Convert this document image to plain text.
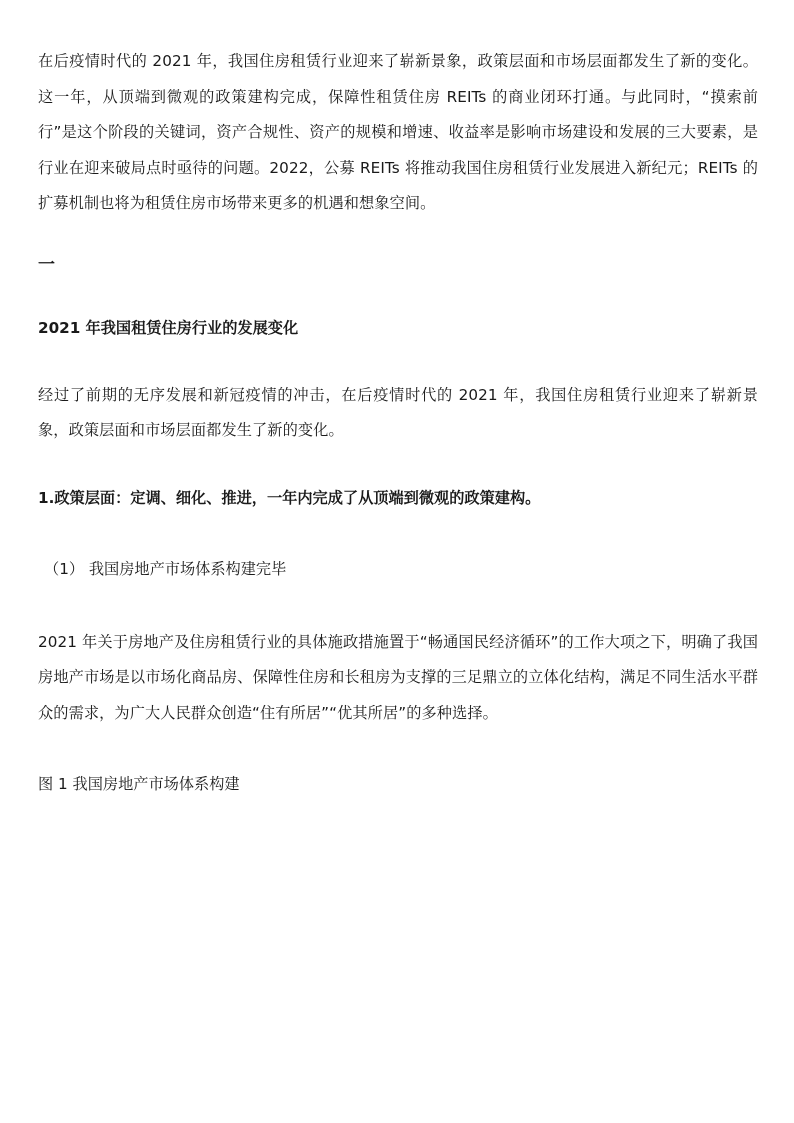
在后疫情时代的 2021 年，我国住房租赁行业迎来了崭新景象，政策层面和市场层面都发生了新的变化。这一年，从顶端到微观的政策建构完成，保障性租赁住房 REITs 的商业闭环打通。与此同时，“摸索前行”是这个阶段的关键词，资产合规性、资产的规模和增速、收益率是影响市场建设和发展的三大要素，是行业在迎来破局点时亟待的问题。2022，公募 REITs 将推动我国住房租赁行业发展进入新纪元；REITs 的扩募机制也将为租赁住房市场带来更多的机遇和想象空间。

一
2021 年我国租赁住房行业的发展变化

经过了前期的无序发展和新冠疫情的冲击，在后疫情时代的 2021 年，我国住房租赁行业迎来了崭新景象，政策层面和市场层面都发生了新的变化。

1.政策层面：定调、细化、推进，一年内完成了从顶端到微观的政策建构。
（1） 我国房地产市场体系构建完毕

2021 年关于房地产及住房租赁行业的具体施政措施置于“畅通国民经济循环”的工作大项之下，明确了我国房地产市场是以市场化商品房、保障性住房和长租房为支撑的三足鼎立的立体化结构，满足不同生活水平群众的需求，为广大人民群众创造“住有所居”“优其所居”的多种选择。

图 1 我国房地产市场体系构建
